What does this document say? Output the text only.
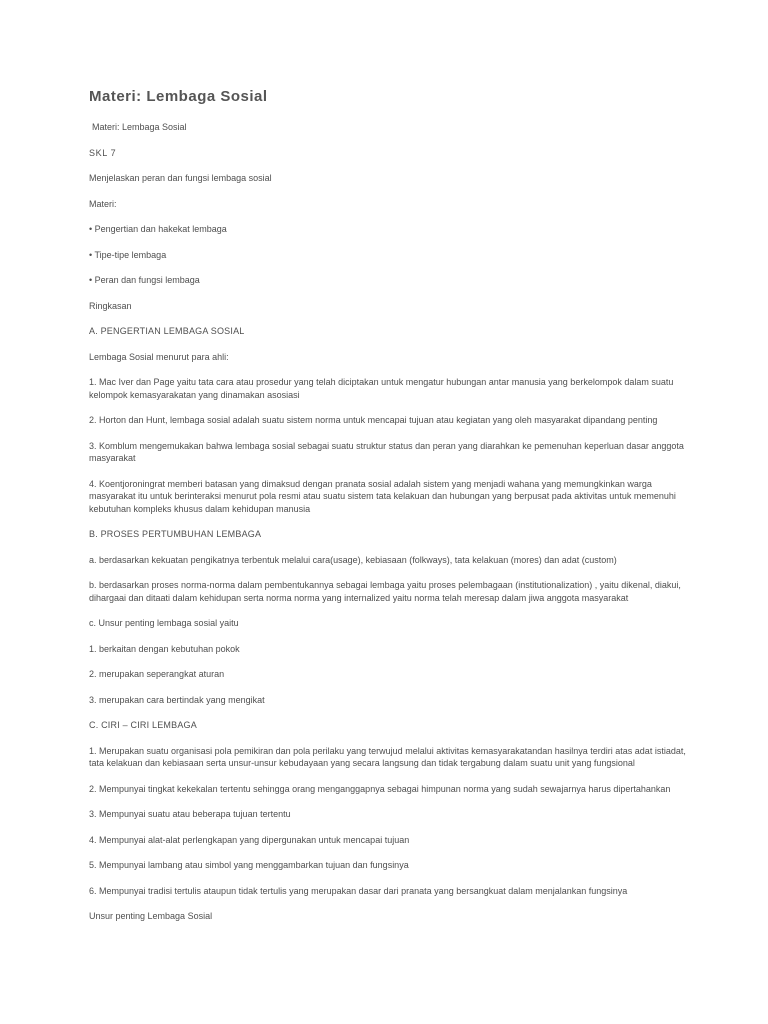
Materi: Lembaga Sosial

Materi: Lembaga Sosial

SKL 7

Menjelaskan peran dan fungsi lembaga sosial

Materi:

• Pengertian dan hakekat lembaga

• Tipe-tipe lembaga

• Peran dan fungsi lembaga

Ringkasan

A. PENGERTIAN LEMBAGA SOSIAL

Lembaga Sosial menurut para ahli:

1. Mac Iver dan Page yaitu tata cara atau prosedur yang telah diciptakan untuk mengatur hubungan antar manusia yang berkelompok dalam suatu kelompok kemasyarakatan yang dinamakan asosiasi

2. Horton dan Hunt, lembaga sosial adalah suatu sistem norma untuk mencapai tujuan atau kegiatan yang oleh masyarakat dipandang penting

3. Komblum mengemukakan bahwa lembaga sosial sebagai suatu struktur status dan peran yang diarahkan ke pemenuhan keperluan dasar anggota masyarakat

4. Koentjoroningrat memberi batasan yang dimaksud dengan pranata sosial adalah sistem yang menjadi wahana yang memungkinkan warga masyarakat itu untuk berinteraksi menurut pola resmi atau suatu sistem tata kelakuan dan hubungan yang berpusat pada aktivitas untuk memenuhi kebutuhan kompleks khusus dalam kehidupan manusia

B. PROSES PERTUMBUHAN LEMBAGA

a. berdasarkan kekuatan pengikatnya terbentuk melalui cara(usage), kebiasaan (folkways), tata kelakuan (mores) dan adat (custom)

b. berdasarkan proses norma-norma dalam pembentukannya sebagai lembaga yaitu proses pelembagaan (institutionalization) , yaitu dikenal, diakui, dihargaai dan ditaati dalam kehidupan serta norma norma yang internalized yaitu norma telah meresap dalam jiwa anggota masyarakat

c. Unsur penting lembaga sosial yaitu

1. berkaitan dengan kebutuhan pokok

2. merupakan seperangkat aturan

3. merupakan cara bertindak yang mengikat

C. CIRI – CIRI LEMBAGA

1. Merupakan suatu organisasi pola pemikiran dan pola perilaku yang terwujud melalui aktivitas kemasyarakatandan hasilnya terdiri atas adat istiadat, tata kelakuan dan kebiasaan serta unsur-unsur kebudayaan yang secara langsung dan tidak tergabung dalam suatu unit yang fungsional

2. Mempunyai tingkat kekekalan tertentu sehingga orang menganggapnya sebagai himpunan norma yang sudah sewajarnya harus dipertahankan

3. Mempunyai suatu atau beberapa tujuan tertentu

4. Mempunyai alat-alat perlengkapan yang dipergunakan untuk mencapai tujuan

5. Mempunyai lambang atau simbol yang menggambarkan tujuan dan fungsinya

6. Mempunyai tradisi tertulis ataupun tidak tertulis yang merupakan dasar dari pranata yang bersangkuat dalam menjalankan fungsinya

Unsur penting Lembaga Sosial
